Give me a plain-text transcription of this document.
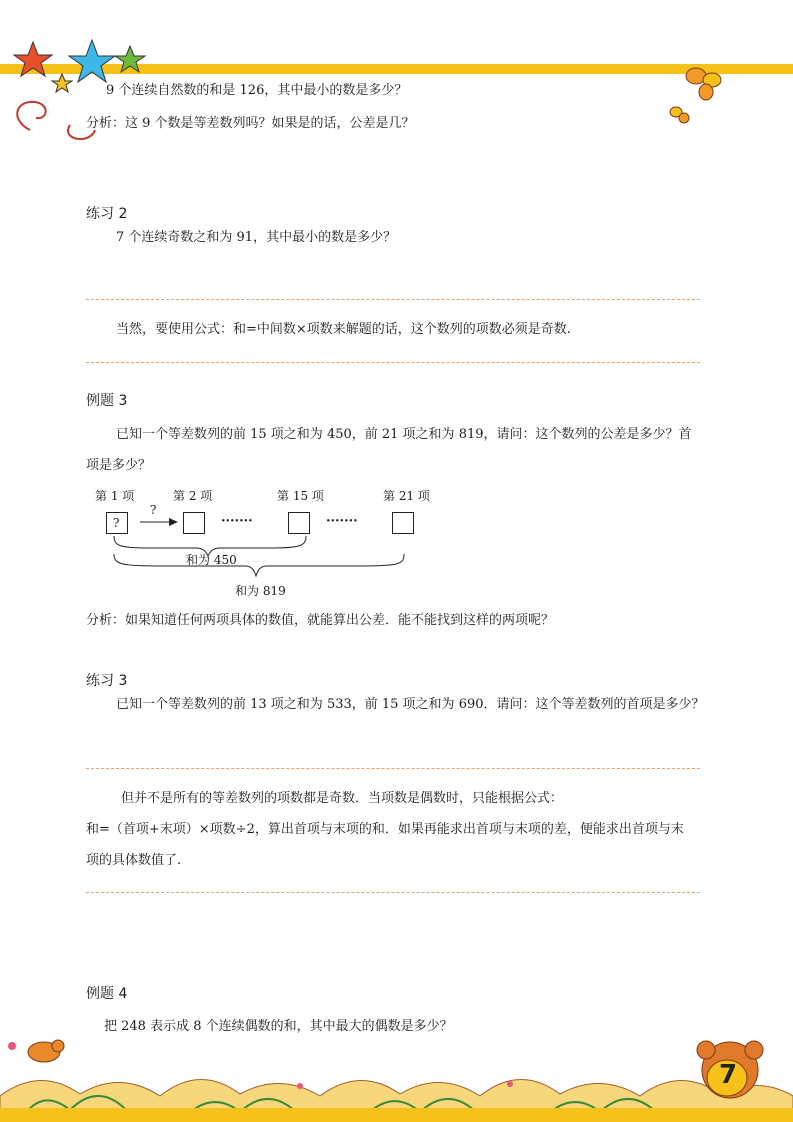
9 个连续自然数的和是 126，其中最小的数是多少？
分析：这 9 个数是等差数列吗？如果是的话，公差是几？
练习 2
7 个连续奇数之和为 91，其中最小的数是多少？
当然，要使用公式：和=中间数×项数来解题的话，这个数列的项数必须是奇数.
例题 3
已知一个等差数列的前 15 项之和为 450，前 21 项之和为 819，请问：这个数列的公差是多少？首
项是多少？
第 1 项	第 2 项	第 15 项	第 21 项
?
?
·······	·······
和为 450
和为 819
分析：如果知道任何两项具体的数值，就能算出公差．能不能找到这样的两项呢？
练习 3
已知一个等差数列的前 13 项之和为 533，前 15 项之和为 690．请问：这个等差数列的首项是多少？
但并不是所有的等差数列的项数都是奇数．当项数是偶数时，只能根据公式：
和=（首项+末项）×项数÷2，算出首项与末项的和．如果再能求出首项与末项的差，便能求出首项与末
项的具体数值了.
例题 4
把 248 表示成 8 个连续偶数的和，其中最大的偶数是多少？
7
